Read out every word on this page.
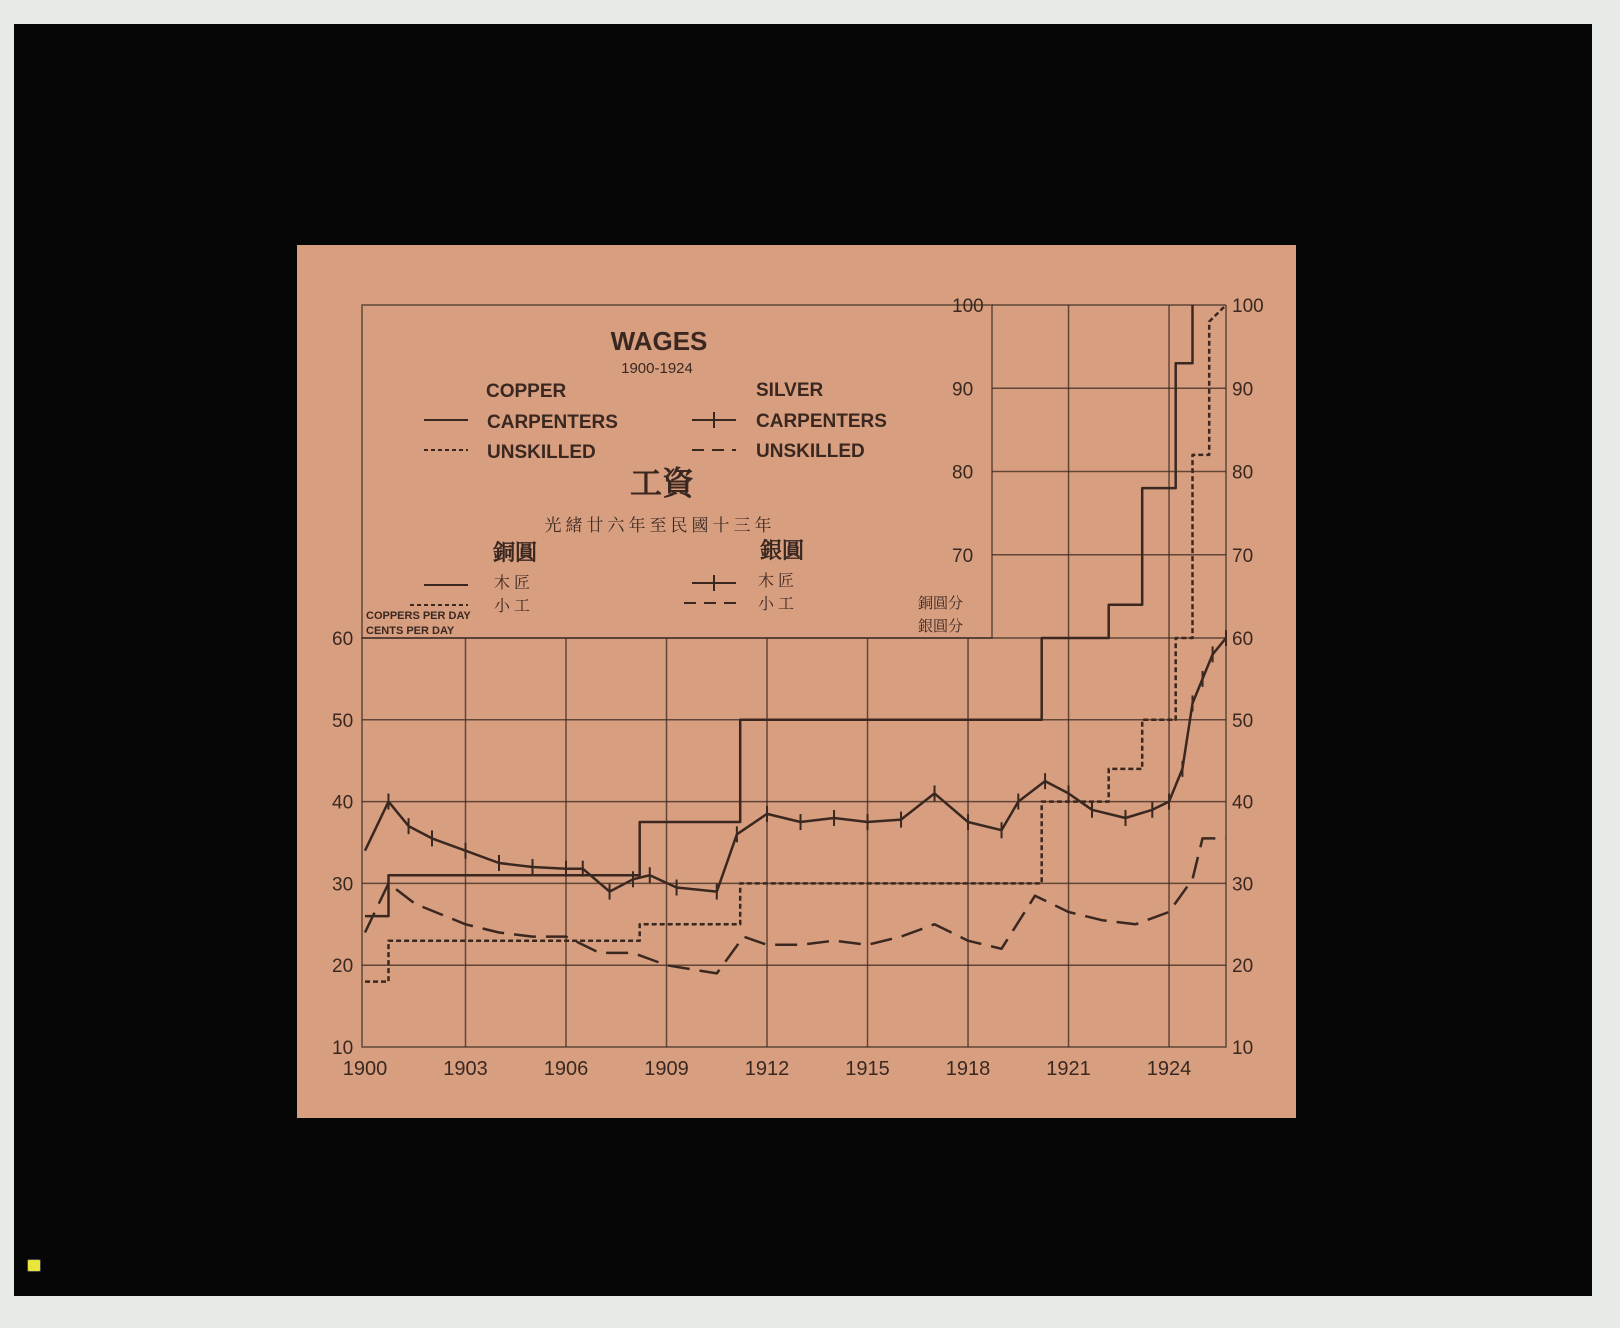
1900	1903	1906	1909	1912	1915	1918	1921	1924
10	10
20	20
30	30
40	40
50	50
60	60
70	70
80	80
90	90
100	100
WAGES
1900-1924
工資
光緒廿六年至民國十三年
COPPER	SILVER
CARPENTERS
UNSKILLED
CARPENTERS
UNSKILLED
銅圓	銀圓
木匠
小工
木匠
小工
COPPERS PER DAY
CENTS PER DAY
銅圓分
銀圓分
